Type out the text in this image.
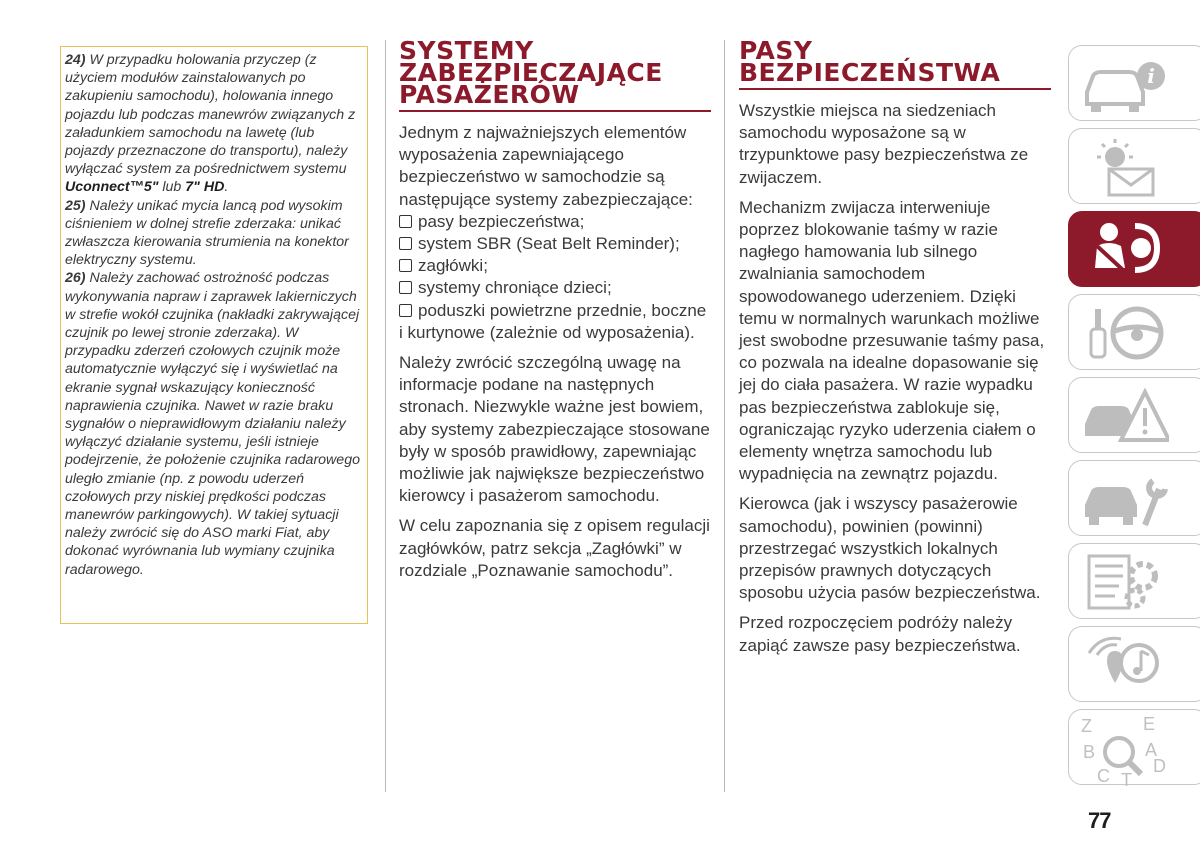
24) W przypadku holowania przyczep (z użyciem modułów zainstalowanych po zakupieniu samochodu), holowania innego pojazdu lub podczas manewrów związanych z załadunkiem samochodu na lawetę (lub pojazdy przeznaczone do transportu), należy wyłączać system za pośrednictwem systemu Uconnect™5" lub 7" HD.
25) Należy unikać mycia lancą pod wysokim ciśnieniem w dolnej strefie zderzaka: unikać zwłaszcza kierowania strumienia na konektor elektryczny systemu.
26) Należy zachować ostrożność podczas wykonywania napraw i zaprawek lakierniczych w strefie wokół czujnika (nakładki zakrywającej czujnik po lewej stronie zderzaka). W przypadku zderzeń czołowych czujnik może automatycznie wyłączyć się i wyświetlać na ekranie sygnał wskazujący konieczność naprawienia czujnika. Nawet w razie braku sygnałów o nieprawidłowym działaniu należy wyłączyć działanie systemu, jeśli istnieje podejrzenie, że położenie czujnika radarowego uległo zmianie (np. z powodu uderzeń czołowych przy niskiej prędkości podczas manewrów parkingowych). W takiej sytuacji należy zwrócić się do ASO marki Fiat, aby dokonać wyrównania lub wymiany czujnika radarowego.
SYSTEMY
ZABEZPIECZAJĄCE
PASAŻERÓW

Jednym z najważniejszych elementów wyposażenia zapewniającego bezpieczeństwo w samochodzie są następujące systemy zabezpieczające:

pasy bezpieczeństwa;
system SBR (Seat Belt Reminder);
zagłówki;
systemy chroniące dzieci;
poduszki powietrzne przednie, boczne i kurtynowe (zależnie od wyposażenia).

Należy zwrócić szczególną uwagę na informacje podane na następnych stronach. Niezwykle ważne jest bowiem, aby systemy zabezpieczające stosowane były w sposób prawidłowy, zapewniając możliwie jak największe bezpieczeństwo kierowcy i pasażerom samochodu.

W celu zapoznania się z opisem regulacji zagłówków, patrz sekcja „Zagłówki” w rozdziale „Poznawanie samochodu”.

PASY
BEZPIECZEŃSTWA

Wszystkie miejsca na siedzeniach samochodu wyposażone są w trzypunktowe pasy bezpieczeństwa ze zwijaczem.

Mechanizm zwijacza interweniuje poprzez blokowanie taśmy w razie nagłego hamowania lub silnego zwalniania samochodem spowodowanego uderzeniem. Dzięki temu w normalnych warunkach możliwe jest swobodne przesuwanie taśmy pasa, co pozwala na idealne dopasowanie się jej do ciała pasażera. W razie wypadku pas bezpieczeństwa zablokuje się, ograniczając ryzyko uderzenia ciałem o elementy wnętrza samochodu lub wypadnięcia na zewnątrz pojazdu.

Kierowca (jak i wszyscy pasażerowie samochodu), powinien (powinni) przestrzegać wszystkich lokalnych przepisów prawnych dotyczących sposobu użycia pasów bezpieczeństwa.

Przed rozpoczęciem podróży należy zapiąć zawsze pasy bezpieczeństwa.

i
Z	E
B	A
C T
D
77
